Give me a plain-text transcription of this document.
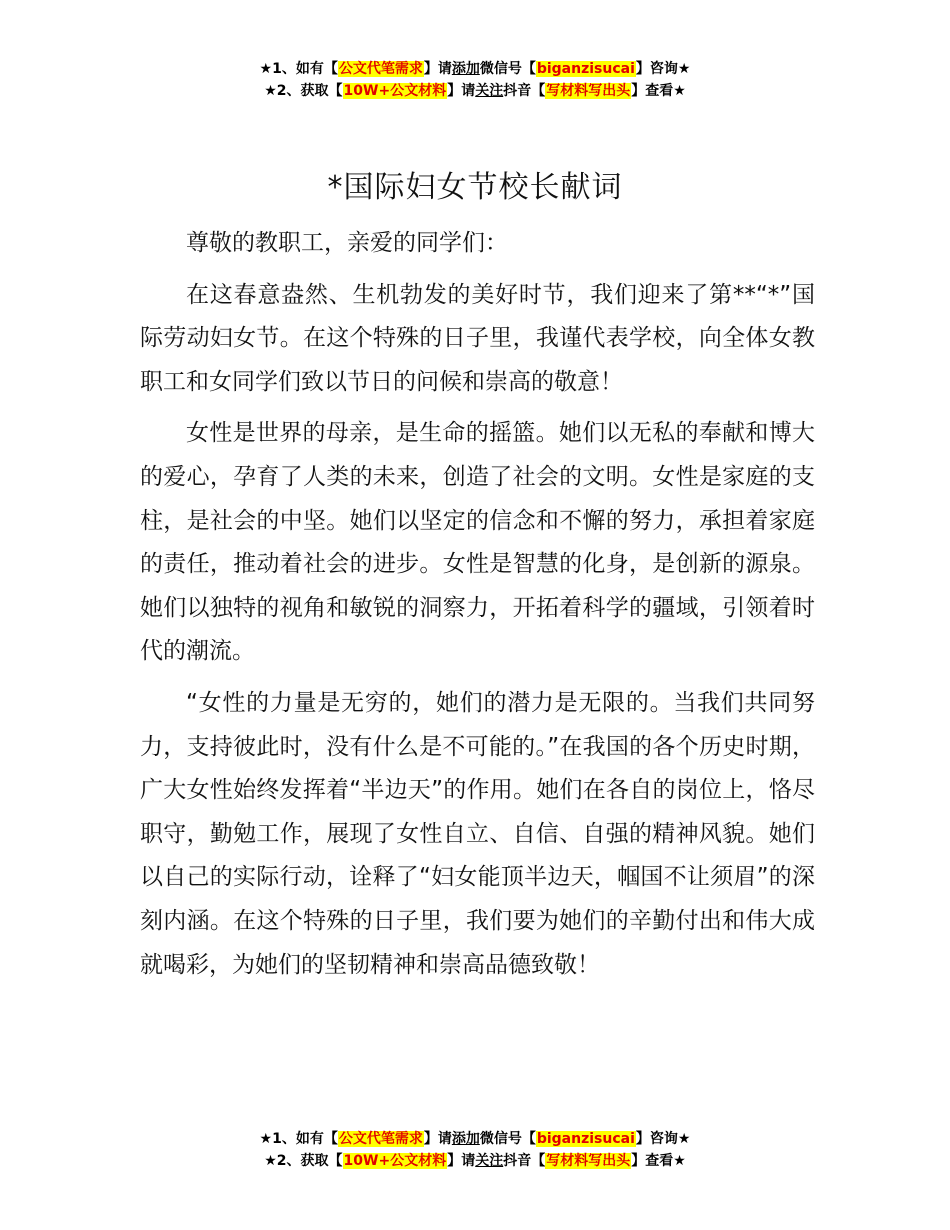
★1、如有【公文代笔需求】请添加微信号【biganzisucai】咨询★
★2、获取【10W+公文材料】请关注抖音【写材料写出头】查看★
*国际妇女节校长献词

尊敬的教职工，亲爱的同学们：

在这春意盎然、生机勃发的美好时节，我们迎来了第**“*”国际劳动妇女节。在这个特殊的日子里，我谨代表学校，向全体女教职工和女同学们致以节日的问候和崇高的敬意！

女性是世界的母亲，是生命的摇篮。她们以无私的奉献和博大的爱心，孕育了人类的未来，创造了社会的文明。女性是家庭的支柱，是社会的中坚。她们以坚定的信念和不懈的努力，承担着家庭的责任，推动着社会的进步。女性是智慧的化身，是创新的源泉。她们以独特的视角和敏锐的洞察力，开拓着科学的疆域，引领着时代的潮流。

“女性的力量是无穷的，她们的潜力是无限的。当我们共同努力，支持彼此时，没有什么是不可能的。”在我国的各个历史时期，广大女性始终发挥着“半边天”的作用。她们在各自的岗位上，恪尽职守，勤勉工作，展现了女性自立、自信、自强的精神风貌。她们以自己的实际行动，诠释了“妇女能顶半边天，帼国不让须眉”的深刻内涵。在这个特殊的日子里，我们要为她们的辛勤付出和伟大成就喝彩，为她们的坚韧精神和崇高品德致敬！

★1、如有【公文代笔需求】请添加微信号【biganzisucai】咨询★
★2、获取【10W+公文材料】请关注抖音【写材料写出头】查看★
